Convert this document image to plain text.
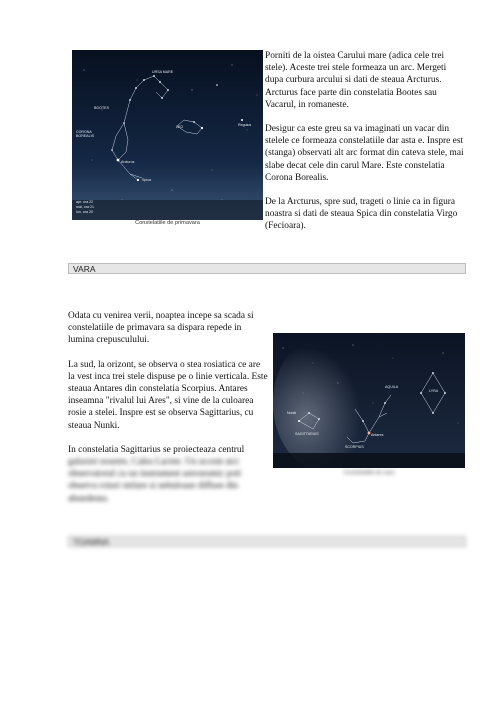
URSA MARE
BOOTES
CORONA BOREALIS
LEO
Arcturus
Spica
Regulus
apr. ora 22
mai, ora 21
iun, ora 20
Constelatiile de primavara

Porniti de la oistea Carului mare (adica cele trei stele). Aceste trei stele formeaza un arc. Mergeti dupa curbura arcului si dati de steaua Arcturus. Arcturus face parte din constelatia Bootes sau Vacarul, in romaneste.

Desigur ca este greu sa va imaginati un vacar din stelele ce formeaza constelatiile dar asta e. Inspre est (stanga) observati alt arc format din cateva stele, mai slabe decat cele din carul Mare. Este constelatia Corona Borealis.

De la Arcturus, spre sud, trageti o linie ca in figura noastra si dati de steaua Spica din constelatia Virgo (Fecioara).

VARA

Odata cu venirea verii, noaptea incepe sa scada si constelatiile de primavara sa dispara repede in lumina crepusculului.

La sud, la orizont, se observa o stea rosiatica ce are la vest inca trei stele dispuse pe o linie verticala. Este steaua Antares din constelatia Scorpius. Antares inseamna "rivalul lui Ares", si vine de la culoarea rosie a stelei. Inspre est se observa Sagittarius, cu steaua Nunki.

In constelatia Sagittarius se proiecteaza centrul

galaxiei noastre, Calea Lactee. Un accent aici observatorul cu un instrument astronomic poti observa roiuri stelare si nebuloase diffuse din abundenta.

LYRA
SAGITTARIUS
SCORPIUS
AQUILA
Nunki
Antares
Constelatiile de vara
TOAMNA
